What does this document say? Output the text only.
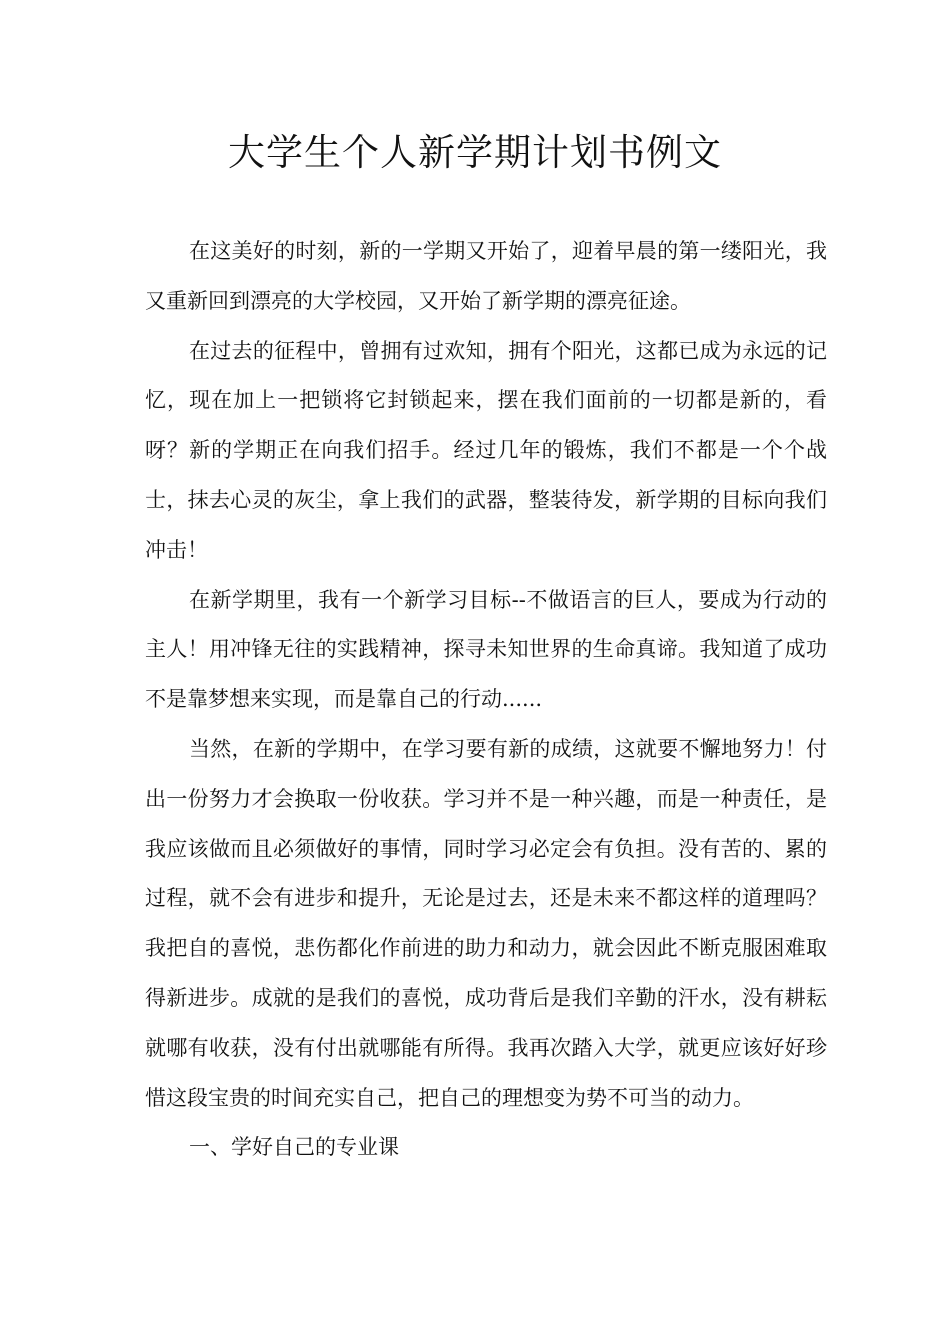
大学生个人新学期计划书例文

在这美好的时刻，新的一学期又开始了，迎着早晨的第一缕阳光，我又重新回到漂亮的大学校园，又开始了新学期的漂亮征途。

在过去的征程中，曾拥有过欢知，拥有个阳光，这都已成为永远的记忆，现在加上一把锁将它封锁起来，摆在我们面前的一切都是新的，看呀？新的学期正在向我们招手。经过几年的锻炼，我们不都是一个个战士，抹去心灵的灰尘，拿上我们的武器，整装待发，新学期的目标向我们冲击！

在新学期里，我有一个新学习目标--不做语言的巨人，要成为行动的主人！用冲锋无往的实践精神，探寻未知世界的生命真谛。我知道了成功不是靠梦想来实现，而是靠自己的行动......

当然，在新的学期中，在学习要有新的成绩，这就要不懈地努力！付出一份努力才会换取一份收获。学习并不是一种兴趣，而是一种责任，是我应该做而且必须做好的事情，同时学习必定会有负担。没有苦的、累的过程，就不会有进步和提升，无论是过去，还是未来不都这样的道理吗？我把自的喜悦，悲伤都化作前进的助力和动力，就会因此不断克服困难取得新进步。成就的是我们的喜悦，成功背后是我们辛勤的汗水，没有耕耘就哪有收获，没有付出就哪能有所得。我再次踏入大学，就更应该好好珍惜这段宝贵的时间充实自己，把自己的理想变为势不可当的动力。

一、学好自己的专业课
